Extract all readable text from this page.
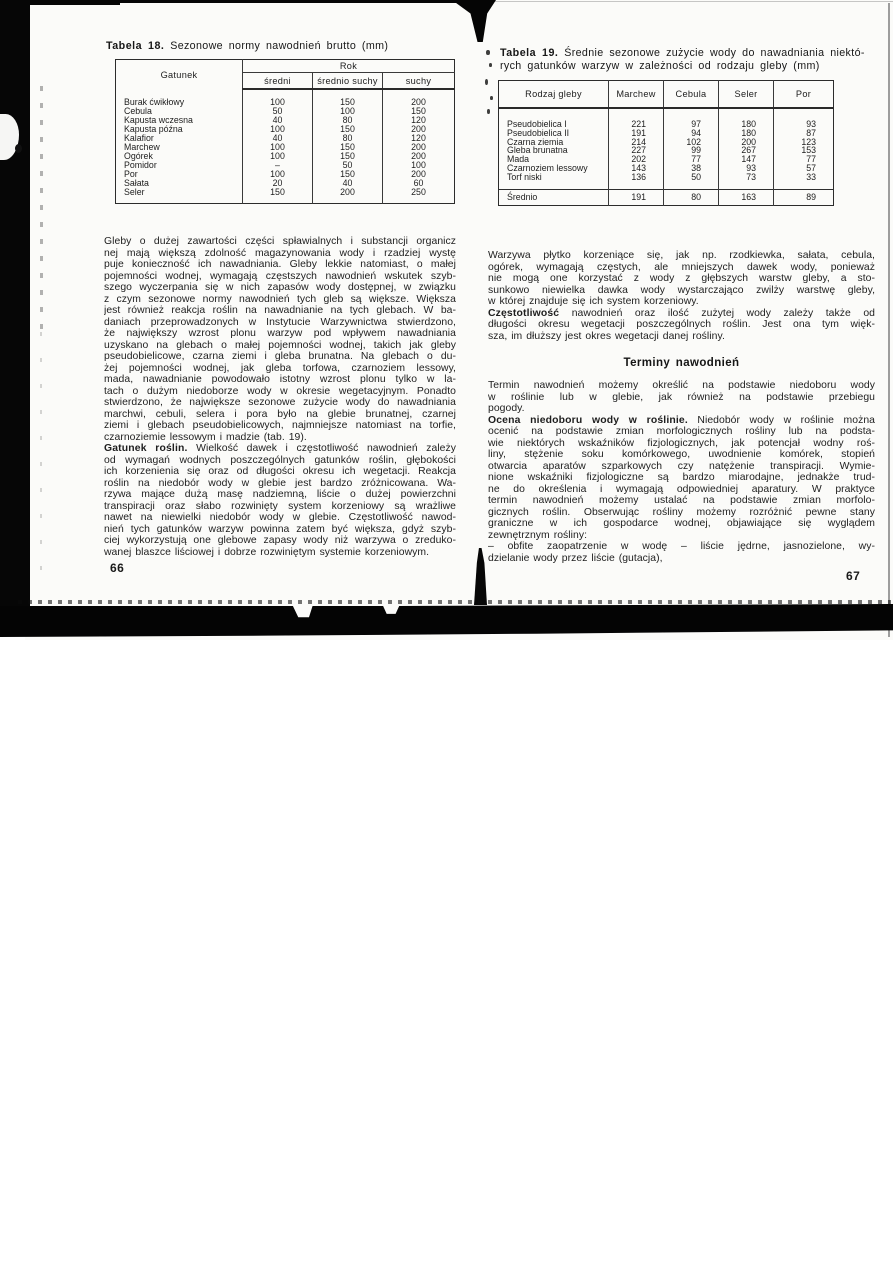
Tabela 18. Sezonowe normy nawodnień brutto (mm)
Gatunek	Rok		
	średni	średnio suchy	suchy
Burak ćwikłowy	100	150	200
Cebula	50	100	150
Kapusta wczesna	40	80	120
Kapusta późna	100	150	200
Kalafior	40	80	120
Marchew	100	150	200
Ogórek	100	150	200
Pomidor	–	50	100
Por	100	150	200
Sałata	20	40	60
Seler	150	200	250
Gleby o dużej zawartości części spławialnych i substancji organicz
nej mają większą zdolność magazynowania wody i rzadziej wystę
puje konieczność ich nawadniania. Gleby lekkie natomiast, o małej
pojemności wodnej, wymagają częstszych nawodnień wskutek szyb-
szego wyczerpania się w nich zapasów wody dostępnej, w związku
z czym sezonowe normy nawodnień tych gleb są większe. Większa
jest również reakcja roślin na nawadnianie na tych glebach. W ba-
daniach przeprowadzonych w Instytucie Warzywnictwa stwierdzono,
że największy wzrost plonu warzyw pod wpływem nawadniania
uzyskano na glebach o małej pojemności wodnej, takich jak gleby
pseudobielicowe, czarna ziemi i gleba brunatna. Na glebach o du-
żej pojemności wodnej, jak gleba torfowa, czarnoziem lessowy,
mada, nawadnianie powodowało istotny wzrost plonu tylko w la-
tach o dużym niedoborze wody w okresie wegetacyjnym. Ponadto
stwierdzono, że największe sezonowe zużycie wody do nawadniania
marchwi, cebuli, selera i pora było na glebie brunatnej, czarnej
ziemi i glebach pseudobielicowych, najmniejsze natomiast na torfie,
czarnoziemie lessowym i madzie (tab. 19).
Gatunek roślin. Wielkość dawek i częstotliwość nawodnień zależy
od wymagań wodnych poszczególnych gatunków roślin, głębokości
ich korzenienia się oraz od długości okresu ich wegetacji. Reakcja
roślin na niedobór wody w glebie jest bardzo zróżnicowana. Wa-
rzywa mające dużą masę nadziemną, liście o dużej powierzchni
transpiracji oraz słabo rozwinięty system korzeniowy są wrażliwe
nawet na niewielki niedobór wody w glebie. Częstotliwość nawod-
nień tych gatunków warzyw powinna zatem być większa, gdyż szyb-
ciej wykorzystują one glebowe zapasy wody niż warzywa o zreduko-
wanej blaszce liściowej i dobrze rozwiniętym systemie korzeniowym.
66
Tabela 19. Średnie sezonowe zużycie wody do nawadniania niektó-
rych gatunków warzyw w zależności od rodzaju gleby (mm)
Rodzaj gleby	Marchew	Cebula	Seler	Por
Pseudobielica I	221	97	180	93
Pseudobielica II	191	94	180	87
Czarna ziemia	214	102	200	123
Gleba brunatna	227	99	267	153
Mada	202	77	147	77
Czarnoziem lessowy	143	38	93	57
Torf niski	136	50	73	33
Średnio	191	80	163	89
Warzywa płytko korzeniące się, jak np. rzodkiewka, sałata, cebula,
ogórek, wymagają częstych, ale mniejszych dawek wody, ponieważ
nie mogą one korzystać z wody z głębszych warstw gleby, a sto-
sunkowo niewielka dawka wody wystarczająco zwilży warstwę gleby,
w której znajduje się ich system korzeniowy.
Częstotliwość nawodnień oraz ilość zużytej wody zależy także od
długości okresu wegetacji poszczególnych roślin. Jest ona tym więk-
sza, im dłuższy jest okres wegetacji danej rośliny.
Terminy nawodnień
Termin nawodnień możemy określić na podstawie niedoboru wody
w roślinie lub w glebie, jak również na podstawie przebiegu
pogody.
Ocena niedoboru wody w roślinie. Niedobór wody w roślinie można
ocenić na podstawie zmian morfologicznych rośliny lub na podsta-
wie niektórych wskaźników fizjologicznych, jak potencjał wodny roś-
liny, stężenie soku komórkowego, uwodnienie komórek, stopień
otwarcia aparatów szparkowych czy natężenie transpiracji. Wymie-
nione wskaźniki fizjologiczne są bardzo miarodajne, jednakże trud-
ne do określenia i wymagają odpowiedniej aparatury. W praktyce
termin nawodnień możemy ustalać na podstawie zmian morfolo-
gicznych roślin. Obserwując rośliny możemy rozróżnić pewne stany
graniczne w ich gospodarce wodnej, objawiające się wyglądem
zewnętrznym rośliny:
– obfite zaopatrzenie w wodę – liście jędrne, jasnozielone, wy-
dzielanie wody przez liście (gutacja),
67
